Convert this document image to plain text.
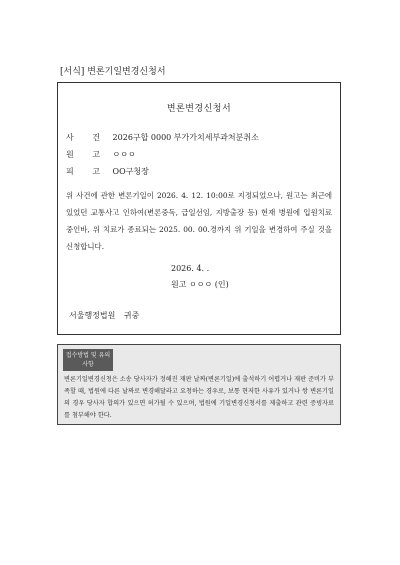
[서식] 변론기일변경신청서
변론변경신청서
사 건 2026구합 0000 부가가치세부과처분취소
원 고 ㅇㅇㅇ
피 고 OO구청장
위 사건에 관한 변론기일이 2026. 4. 12. 10:00로 지정되었으나, 원고는 최근에 있었던 교통사고 인하여(변론중독, 급일선임, 지방출장 등) 현재 병원에 입원치료 중인바, 위 치료가 종료되는 2025. 00. 00.경까지 위 기일을 변경하여 주실 것을 신청합니다.
2026. 4. .
원고 ㅇㅇㅇ (인)
서울행정법원 귀중
접수방법 및 유의사항
변론기일변경신청은 소송 당사자가 정해진 재판 날짜(변론기일)에 출석하기 어렵거나 재판 준비가 부족할 때, 법원에 다른 날짜로 변경해달라고 요청하는 경우로, 보통 현저한 사유가 있거나 쌍 변론기일의 경우 당사자 합의가 있으면 허가될 수 있으며, 법원에 기일변경신청서를 제출하고 관련 증빙자료를 첨부해야 한다.
